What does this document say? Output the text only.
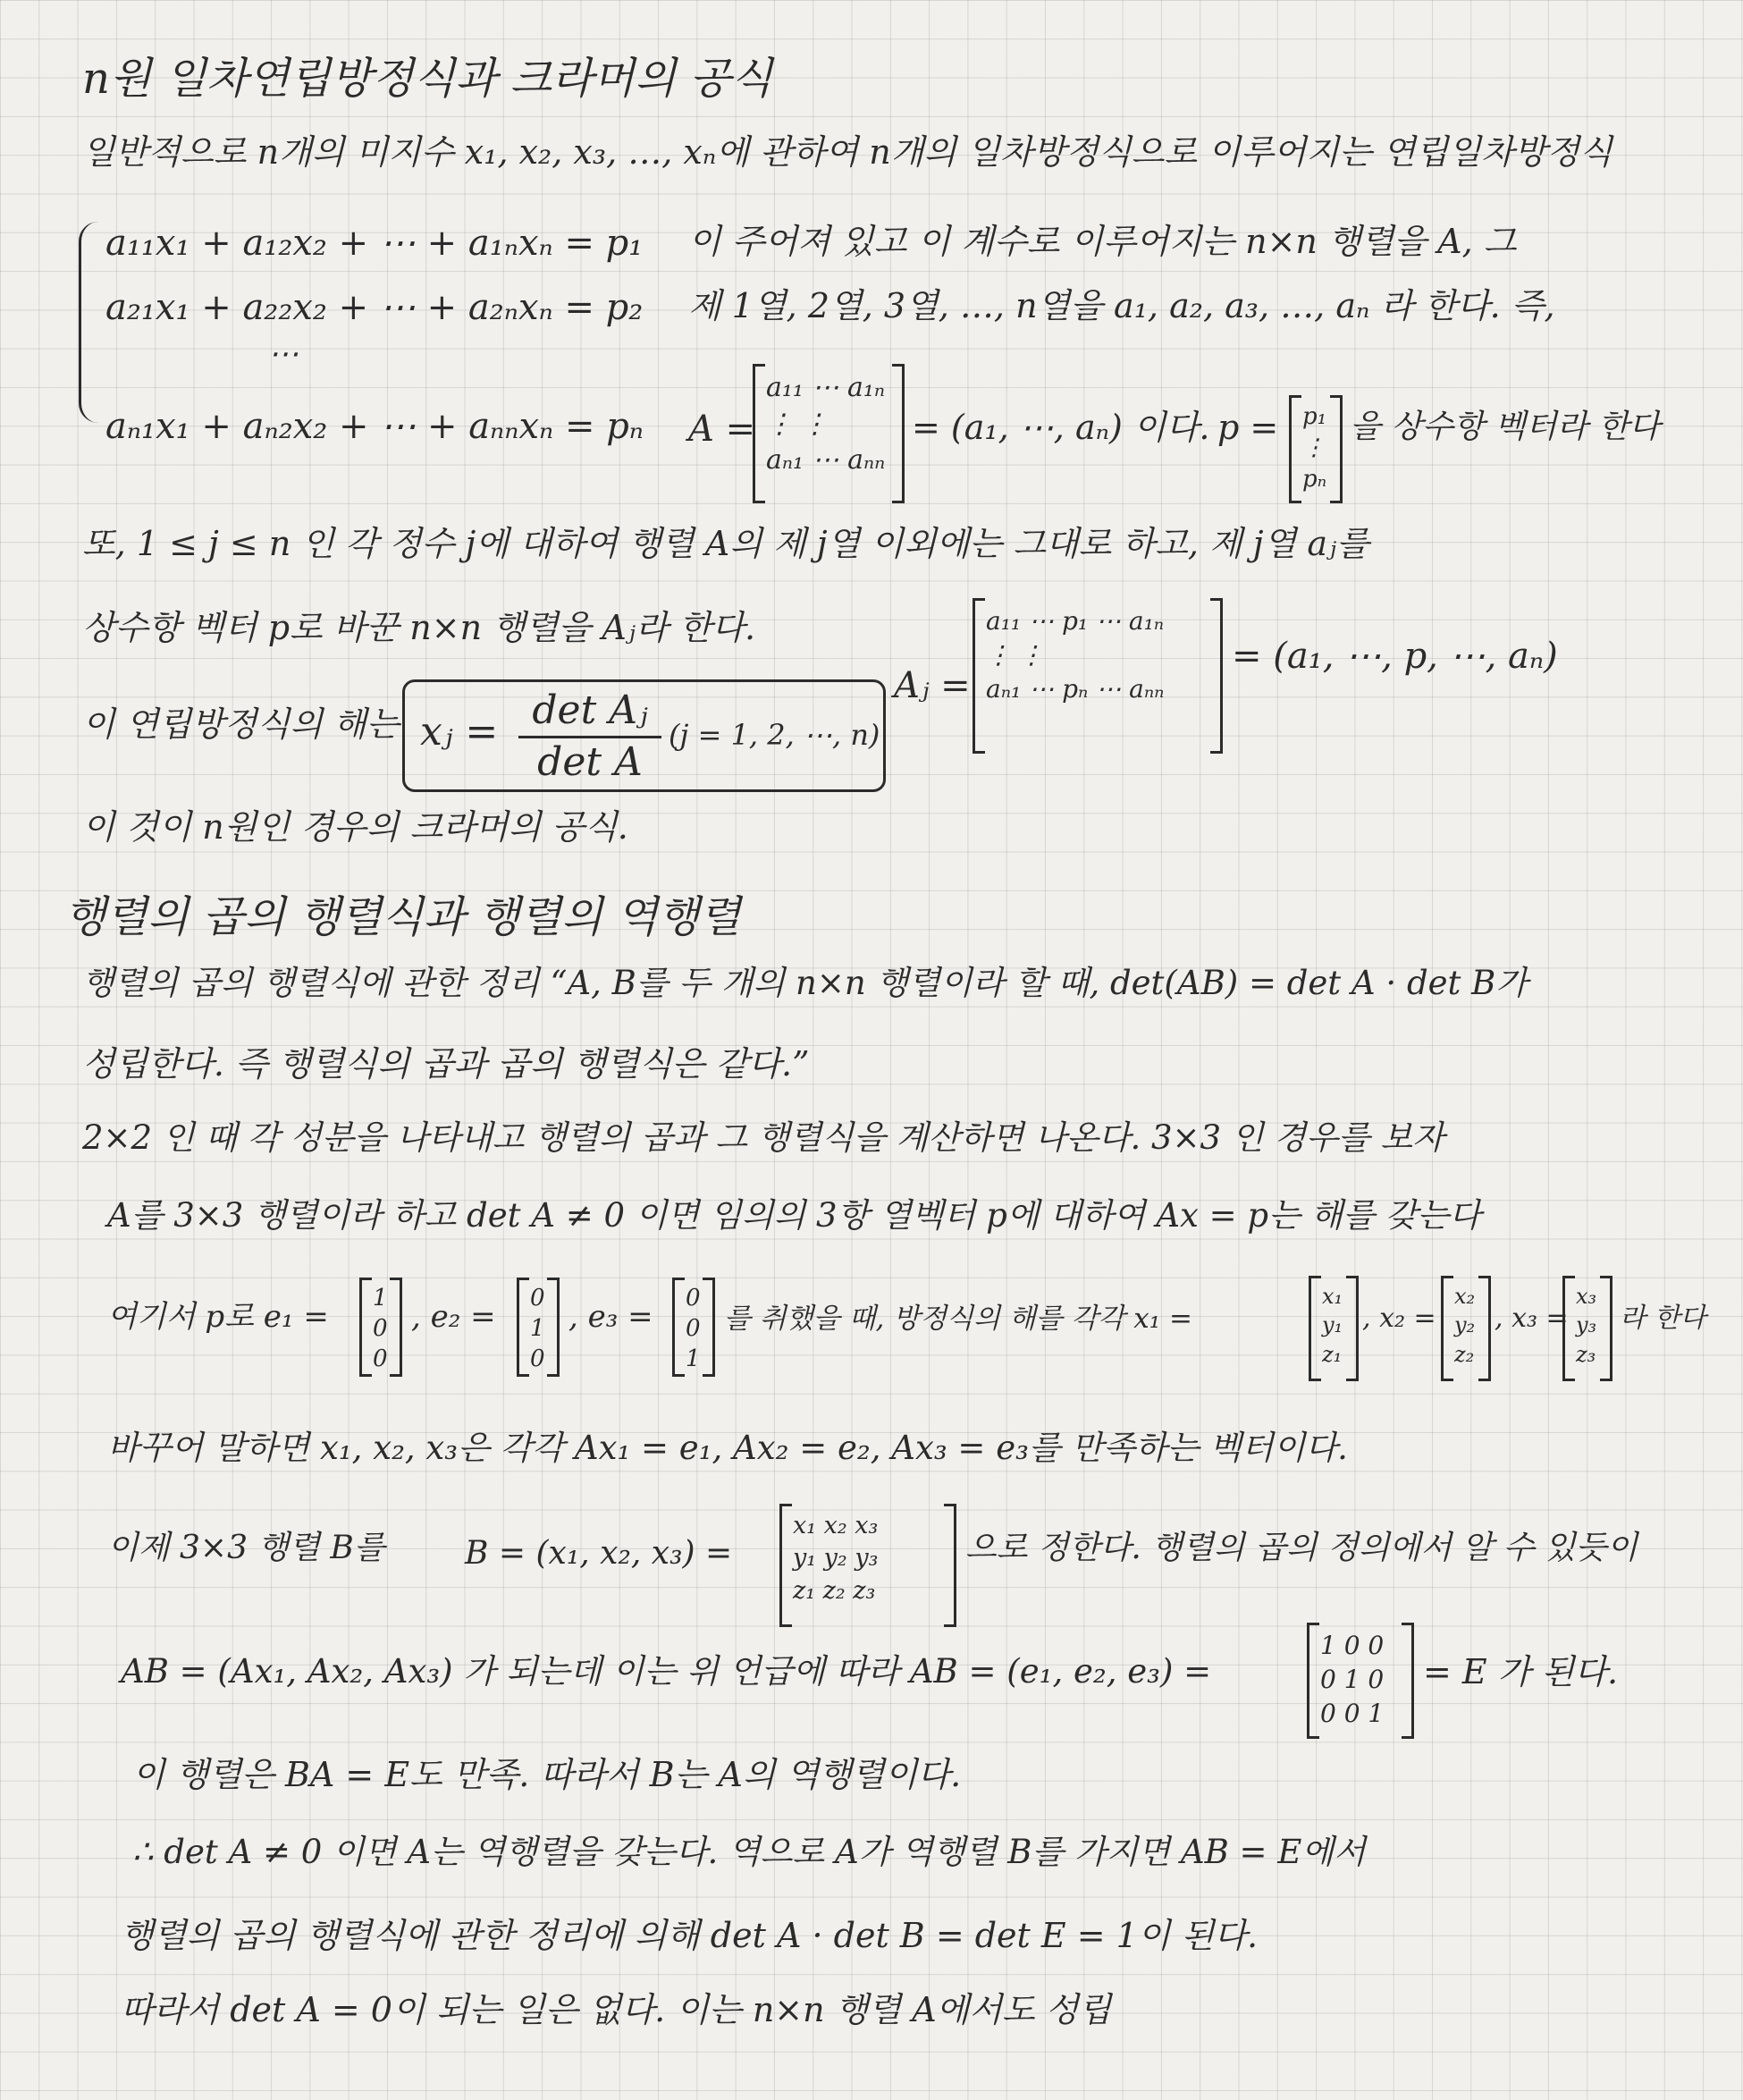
n원 일차연립방정식과 크라머의 공식
일반적으로 n개의 미지수 x₁, x₂, x₃, …, xₙ에 관하여 n개의 일차방정식으로 이루어지는 연립일차방정식
a₁₁x₁ + a₁₂x₂ + ⋯ + a₁ₙxₙ = p₁
a₂₁x₁ + a₂₂x₂ + ⋯ + a₂ₙxₙ = p₂
⋯
aₙ₁x₁ + aₙ₂x₂ + ⋯ + aₙₙxₙ = pₙ
이 주어져 있고 이 계수로 이루어지는 n×n 행렬을 A, 그
제 1열, 2열, 3열, …, n열을 a₁, a₂, a₃, …, aₙ 라 한다. 즉,
A =
a₁₁ ⋯ a₁ₙ
⋮ ⋮
aₙ₁ ⋯ aₙₙ
= (a₁, ⋯, aₙ) 이다. p = p₁
⋮
pₙ
을 상수항 벡터라 한다
또, 1 ≤ j ≤ n 인 각 정수 j에 대하여 행렬 A의 제 j열 이외에는 그대로 하고, 제 j열 aⱼ를
상수항 벡터 p로 바꾼 n×n 행렬을 Aⱼ라 한다.
Aⱼ =
a₁₁ ⋯ p₁ ⋯ a₁ₙ
⋮ ⋮
aₙ₁ ⋯ pₙ ⋯ aₙₙ
= (a₁, ⋯, p, ⋯, aₙ)
이 연립방정식의 해는 xⱼ = det Aⱼ
det A
(j = 1, 2, ⋯, n)
이 것이 n원인 경우의 크라머의 공식.
행렬의 곱의 행렬식과 행렬의 역행렬
행렬의 곱의 행렬식에 관한 정리 “A, B를 두 개의 n×n 행렬이라 할 때, det(AB) = det A · det B가
성립한다. 즉 행렬식의 곱과 곱의 행렬식은 같다.”
2×2 인 때 각 성분을 나타내고 행렬의 곱과 그 행렬식을 계산하면 나온다. 3×3 인 경우를 보자
A를 3×3 행렬이라 하고 det A ≠ 0 이면 임의의 3항 열벡터 p에 대하여 Ax = p는 해를 갖는다
여기서 p로 e₁ =
1
0
0
, e₂ =
0
1
0
, e₃ =
0
0
1
를 취했을 때, 방정식의 해를 각각 x₁ =
x₁
y₁
z₁
, x₂ =
x₂
y₂
z₂
, x₃ =
x₃
y₃
z₃
라 한다
바꾸어 말하면 x₁, x₂, x₃은 각각 Ax₁ = e₁, Ax₂ = e₂, Ax₃ = e₃를 만족하는 벡터이다.
이제 3×3 행렬 B를 B = (x₁, x₂, x₃) =
x₁ x₂ x₃
y₁ y₂ y₃
z₁ z₂ z₃
으로 정한다. 행렬의 곱의 정의에서 알 수 있듯이
AB = (Ax₁, Ax₂, Ax₃) 가 되는데 이는 위 언급에 따라 AB = (e₁, e₂, e₃) =
1 0 0
0 1 0
0 0 1
= E 가 된다.
이 행렬은 BA = E도 만족. 따라서 B는 A의 역행렬이다.
∴ det A ≠ 0 이면 A는 역행렬을 갖는다. 역으로 A가 역행렬 B를 가지면 AB = E에서
행렬의 곱의 행렬식에 관한 정리에 의해 det A · det B = det E = 1이 된다.
따라서 det A = 0이 되는 일은 없다. 이는 n×n 행렬 A에서도 성립
